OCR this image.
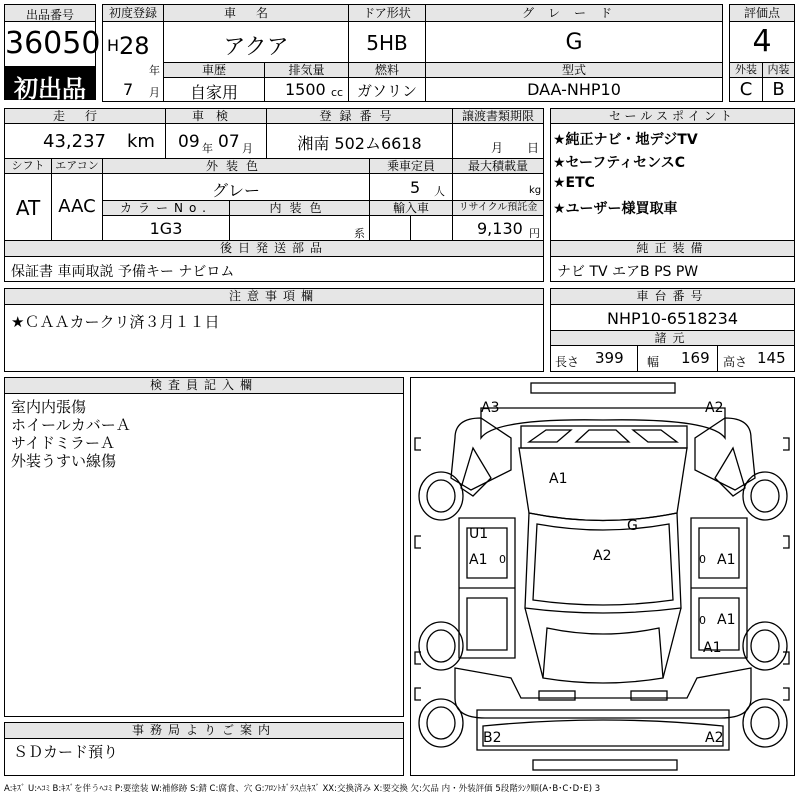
出品番号
36050
初出品
初度登録
H 28
年
7 月
車名
アクア
ドア形状
5HB
グレード
G
評価点
4
車歴
自家用
排気量
1500 cc
燃料
ガソリン
型式
DAA-NHP10
外装 内装
C	B
走行
43,237 km
車検
09 年 07 月
登録番号
湘南 502ム6618
譲渡書類期限
月 日
シフト
AT
エアコン
AAC
外装色
グレー
乗車定員
5 人
最大積載量
kg
カラーNo.
1G3
内装色
系
輸入車	リサイクル預託金
9,130 円
セールスポイント
★純正ナビ・地デジTV
★セーフティセンスC
★ETC
★ユーザー様買取車
後日発送部品
保証書 車両取説 予備キー ナビロム
純正装備
ナビ TV エアB PS PW
注意事項欄
★ＣＡＡカークリ済３月１１日
車台番号
NHP10-6518234
諸元
長さ 399 幅 169 高さ 145
検査員記入欄
室内内張傷
ホイールカバーＡ
サイドミラーＡ
外装うすい線傷
事務局よりご案内
ＳＤカード預り
A3	A2
A1
G
U1
A1 0	A2	0 A1
0 A1
A1
B2	A2
A:ｷｽﾞ U:ﾍｺﾐ B:ｷｽﾞを伴うﾍｺﾐ P:要塗装 W:補修跡 S:錆 C:腐食、穴 G:ﾌﾛﾝﾄｶﾞﾗｽ点ｷｽﾞ XX:交換済み X:要交換 欠:欠品 内・外装評価 5段階ﾗﾝｸ順(A･B･C･D･E) 3
